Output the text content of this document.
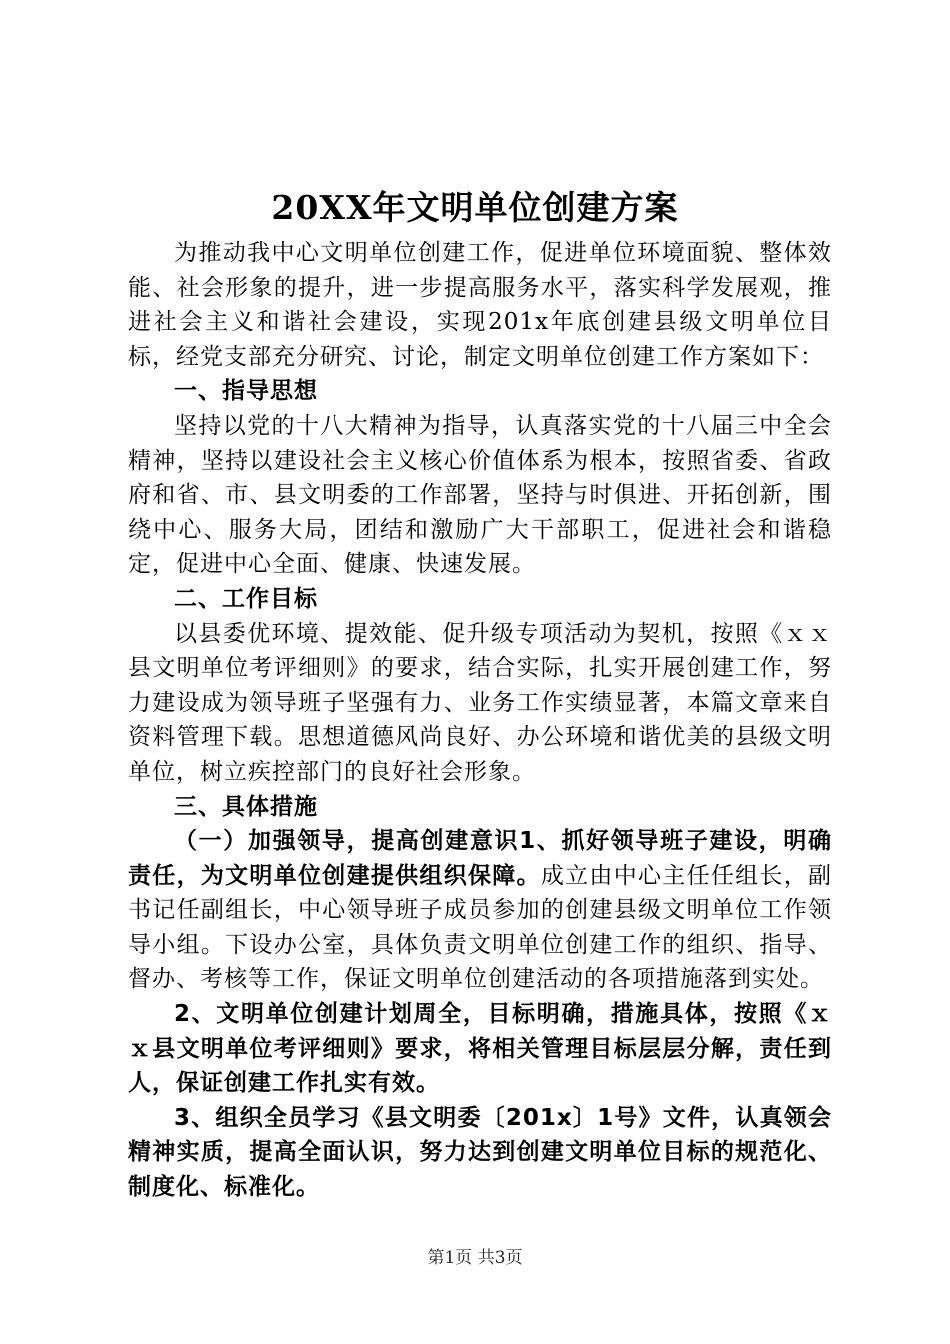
20XX年文明单位创建方案

为推动我中心文明单位创建工作，促进单位环境面貌、整体效能、社会形象的提升，进一步提高服务水平，落实科学发展观，推进社会主义和谐社会建设，实现201x年底创建县级文明单位目标，经党支部充分研究、讨论，制定文明单位创建工作方案如下：

一、指导思想

坚持以党的十八大精神为指导，认真落实党的十八届三中全会精神，坚持以建设社会主义核心价值体系为根本，按照省委、省政府和省、市、县文明委的工作部署，坚持与时俱进、开拓创新，围绕中心、服务大局，团结和激励广大干部职工，促进社会和谐稳定，促进中心全面、健康、快速发展。

二、工作目标

以县委优环境、提效能、促升级专项活动为契机，按照《ｘｘ县文明单位考评细则》的要求，结合实际，扎实开展创建工作，努力建设成为领导班子坚强有力、业务工作实绩显著，本篇文章来自资料管理下载。思想道德风尚良好、办公环境和谐优美的县级文明单位，树立疾控部门的良好社会形象。

三、具体措施

（一）加强领导，提高创建意识1、抓好领导班子建设，明确责任，为文明单位创建提供组织保障。成立由中心主任任组长，副书记任副组长，中心领导班子成员参加的创建县级文明单位工作领导小组。下设办公室，具体负责文明单位创建工作的组织、指导、督办、考核等工作，保证文明单位创建活动的各项措施落到实处。

2、文明单位创建计划周全，目标明确，措施具体，按照《ｘｘ县文明单位考评细则》要求，将相关管理目标层层分解，责任到人，保证创建工作扎实有效。

3、组织全员学习《县文明委〔201x〕1号》文件，认真领会精神实质，提高全面认识，努力达到创建文明单位目标的规范化、制度化、标准化。

第1页 共3页
